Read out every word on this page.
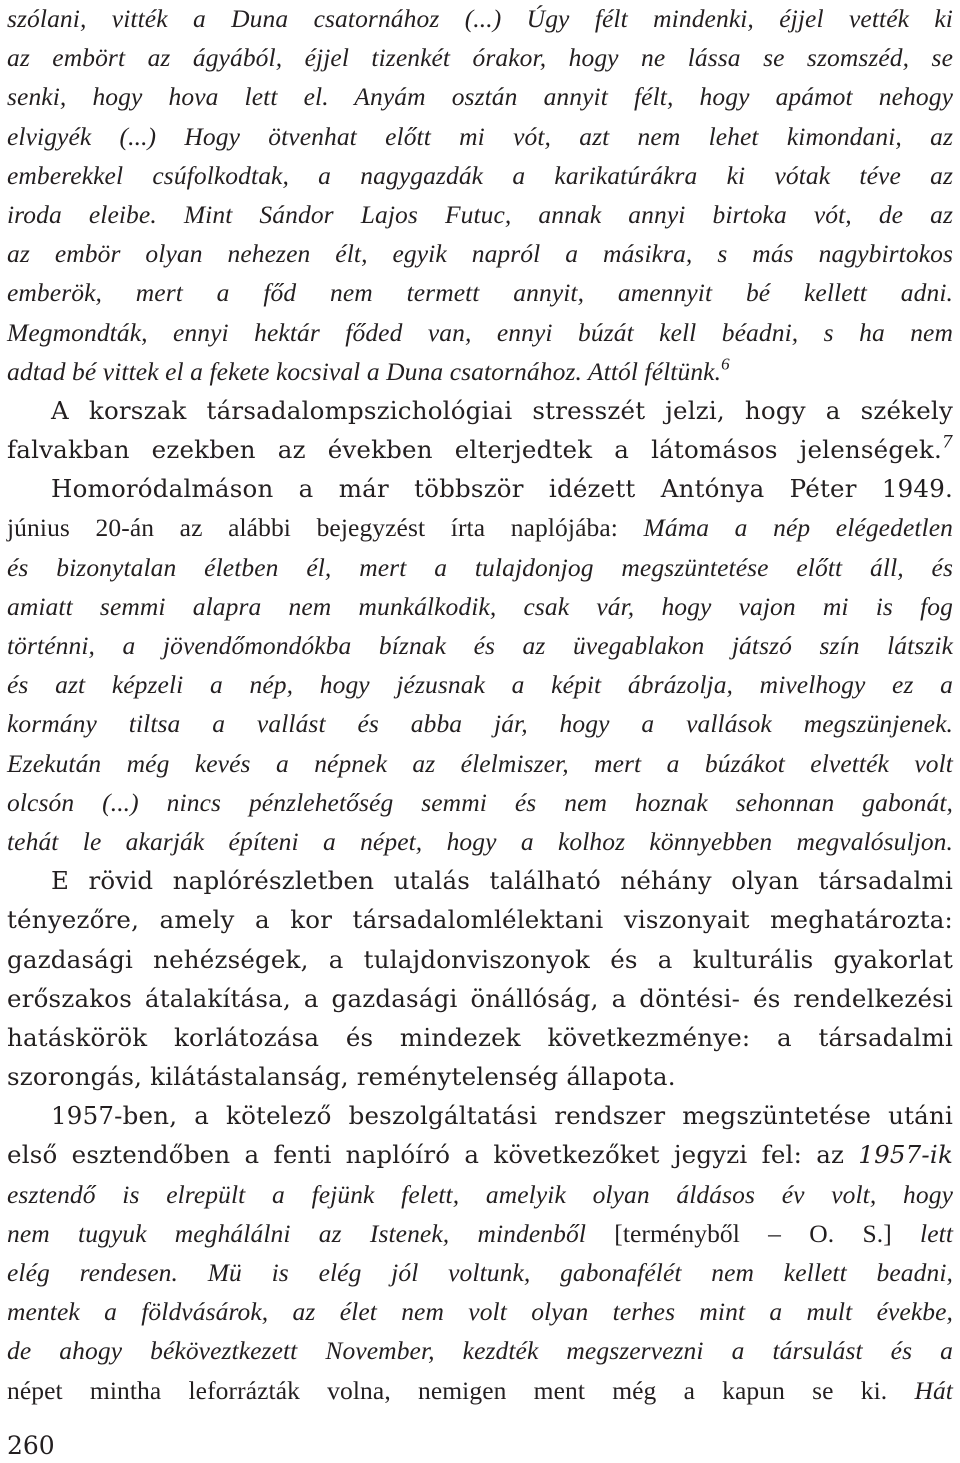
szólani, vitték a Duna csatornához (...) Úgy félt mindenki, éjjel vették ki
az embört az ágyából, éjjel tizenkét órakor, hogy ne lássa se szomszéd, se
senki, hogy hova lett el. Anyám osztán annyit félt, hogy apámot nehogy
elvigyék (...) Hogy ötvenhat előtt mi vót, azt nem lehet kimondani, az
emberekkel csúfolkodtak, a nagygazdák a karikatúrákra ki vótak téve az
iroda eleibe. Mint Sándor Lajos Futuc, annak annyi birtoka vót, de az
az embör olyan nehezen élt, egyik napról a másikra, s más nagybirtokos
emberök, mert a főd nem termett annyit, amennyit bé kellett adni.
Megmondták, ennyi hektár főded van, ennyi búzát kell béadni, s ha nem
adtad bé vittek el a fekete kocsival a Duna csatornához. Attól féltünk.$^6$
A korszak társadalompszichológiai stresszét jelzi, hogy a székely
falvakban ezekben az években elterjedtek a látomásos jelenségek.$^7$
Homoródalmáson a már többször idézett Antónya Péter 1949.
június 20-án az alábbi bejegyzést írta naplójába: Máma a nép elégedetlen
és bizonytalan életben él, mert a tulajdonjog megszüntetése előtt áll, és
amiatt semmi alapra nem munkálkodik, csak vár, hogy vajon mi is fog
történni, a jövendőmondókba bíznak és az üvegablakon játszó szín látszik
és azt képzeli a nép, hogy jézusnak a képit ábrázolja, mivelhogy ez a
kormány tiltsa a vallást és abba jár, hogy a vallások megszünjenek.
Ezekután még kevés a népnek az élelmiszer, mert a búzákot elvették volt
olcsón (...) nincs pénzlehetőség semmi és nem hoznak sehonnan gabonát,
tehát le akarják építeni a népet, hogy a kolhoz könnyebben megvalósuljon.
E rövid naplórészletben utalás található néhány olyan társadalmi
tényezőre, amely a kor társadalomlélektani viszonyait meghatározta:
gazdasági nehézségek, a tulajdonviszonyok és a kulturális gyakorlat
erőszakos átalakítása, a gazdasági önállóság, a döntési- és rendelkezési
hatáskörök korlátozása és mindezek következménye: a társadalmi
szorongás, kilátástalanság, reménytelenség állapota.
1957-ben, a kötelező beszolgáltatási rendszer megszüntetése utáni
első esztendőben a fenti naplóíró a következőket jegyzi fel: az 1957-ik
esztendő is elrepült a fejünk felett, amelyik olyan áldásos év volt, hogy
nem tugyuk meghálálni az Istenek, mindenből [terményből – O. S.] lett
elég rendesen. Mü is elég jól voltunk, gabonafélét nem kellett beadni,
mentek a földvásárok, az élet nem volt olyan terhes mint a mult évekbe,
de ahogy béköveztkezett November, kezdték megszervezni a társulást és a
népet mintha leforrázták volna, nemigen ment még a kapun se ki. Hát
260
